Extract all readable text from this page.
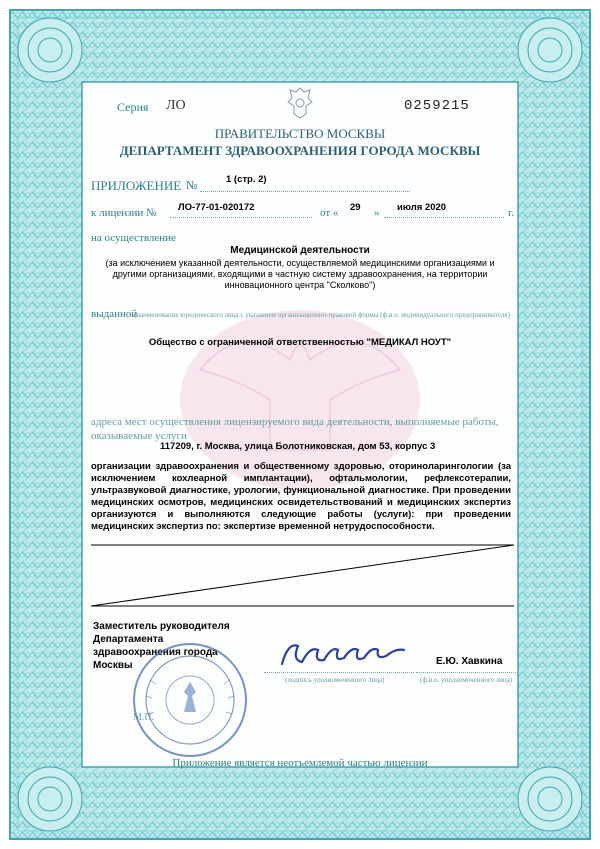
Серия ЛО	0259215
ПРАВИТЕЛЬСТВО МОСКВЫ
ДЕПАРТАМЕНТ ЗДРАВООХРАНЕНИЯ ГОРОДА МОСКВЫ
ПРИЛОЖЕНИЕ №	1 (стр. 2)
к лицензии № ЛО-77-01-020172	от « 29 » июля 2020	г.
на осуществление
Медицинской деятельности
(за исключением указанной деятельности, осуществляемой медицинскими организациями и другими организациями, входящими в частную систему здравоохранения, на территории инновационного центра "Сколково")
выданной
(наименование юридического лица с указанием организационно-правовой формы (ф.и.о. индивидуального предпринимателя)
Общество с ограниченной ответственностью "МЕДИКАЛ НОУТ"
адреса мест осуществления лицензируемого вида деятельности, выполняемые работы, оказываемые услуги
117209, г. Москва, улица Болотниковская, дом 53, корпус 3
организации здравоохранения и общественному здоровью, оториноларингологии (за исключением кохлеарной имплантации), офтальмологии, рефлексотерапии, ультразвуковой диагностике, урологии, функциональной диагностике. При проведении медицинских осмотров, медицинских освидетельствований и медицинских экспертиз организуются и выполняются следующие работы (услуги): при проведении медицинских экспертиз по: экспертизе временной нетрудоспособности.
Заместитель руководителя
Департамента
здравоохранения города
Москвы
(подпись уполномоченного лица)	(ф.и.о. уполномоченного лица)
Е.Ю. Хавкина
М.П.
Приложение является неотъемлемой частью лицензии
